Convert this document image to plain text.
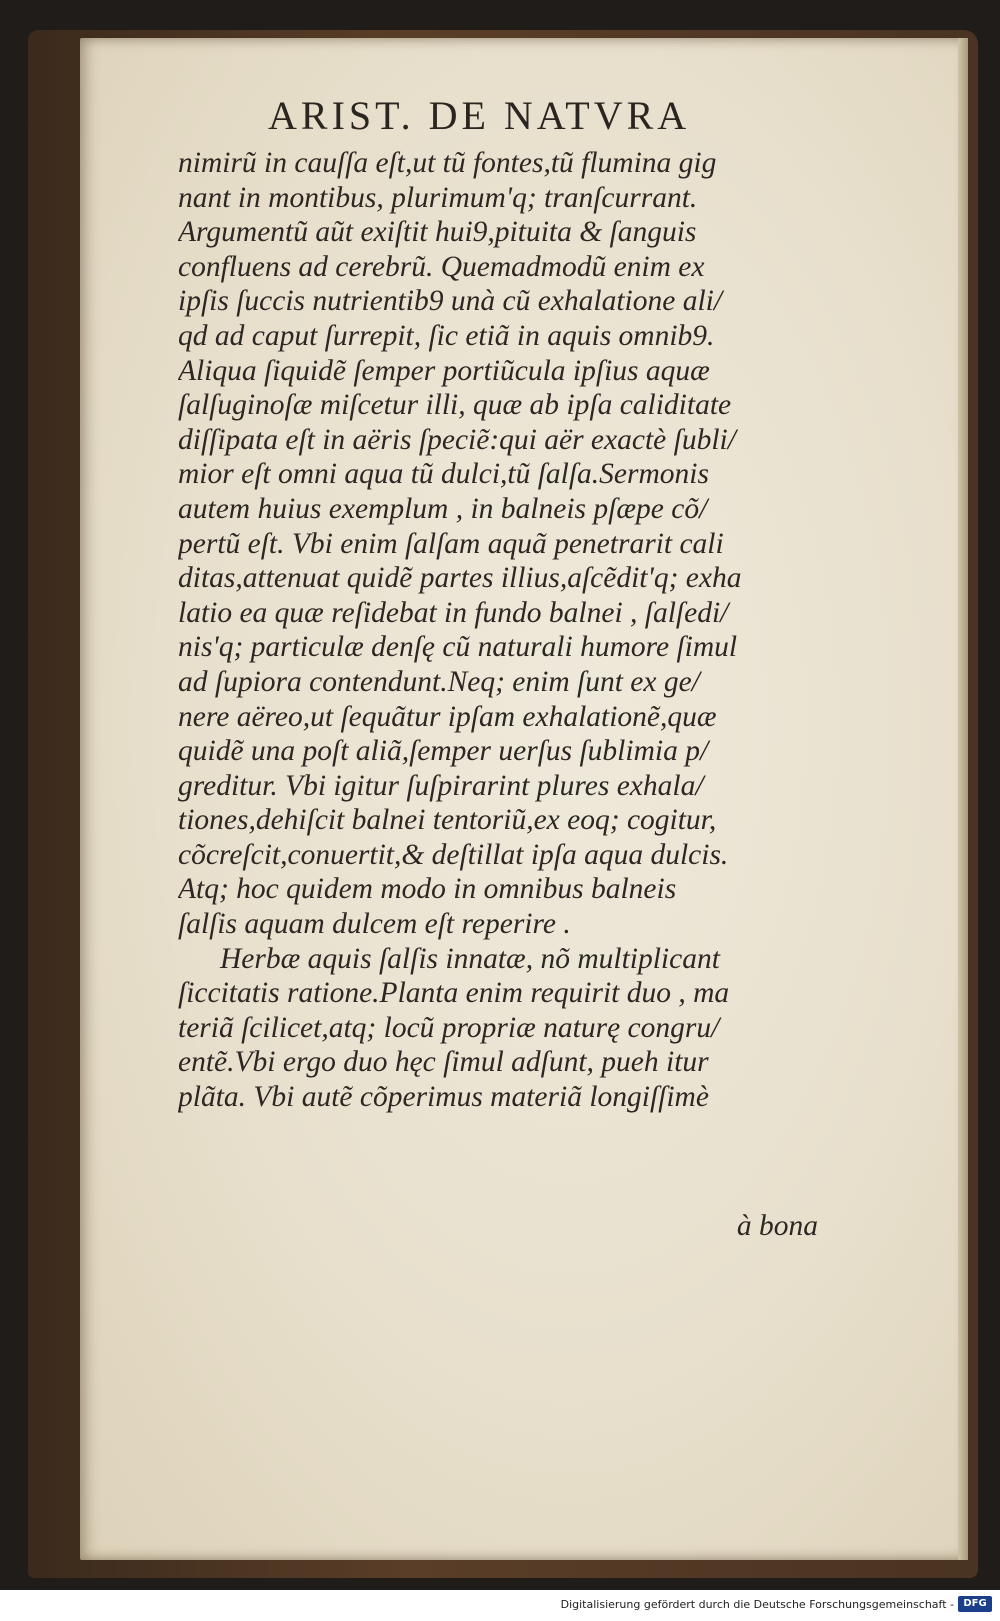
ARIST. DE NATVRA
nimirũ in cauſſa eſt,ut tũ fontes,tũ flumina gig
nant in montibus, plurimum'q; tranſcurrant.
Argumentũ aũt exiſtit hui9,pituita & ſanguis
confluens ad cerebrũ. Quemadmodũ enim ex
ipſis ſuccis nutrientib9 unà cũ exhalatione ali/
qd ad caput ſurrepit, ſic etiã in aquis omnib9.
Aliqua ſiquidẽ ſemper portiũcula ipſius aquæ
ſalſuginoſæ miſcetur illi, quæ ab ipſa caliditate
diſſipata eſt in aëris ſpeciẽ:qui aër exactè ſubli/
mior eſt omni aqua tũ dulci,tũ ſalſa.Sermonis
autem huius exemplum , in balneis pſæpe cõ/
pertũ eſt. Vbi enim ſalſam aquã penetrarit cali
ditas,attenuat quidẽ partes illius,aſcẽdit'q; exha
latio ea quæ reſidebat in fundo balnei , ſalſedi/
nis'q; particulæ denſę cũ naturali humore ſimul
ad ſupiora contendunt.Neq; enim ſunt ex ge/
nere aëreo,ut ſequãtur ipſam exhalationẽ,quæ
quidẽ una poſt aliã,ſemper uerſus ſublimia p/
greditur. Vbi igitur ſuſpirarint plures exhala/
tiones,dehiſcit balnei tentoriũ,ex eoq; cogitur,
cõcreſcit,conuertit,& deſtillat ipſa aqua dulcis.
Atq; hoc quidem modo in omnibus balneis
ſalſis aquam dulcem eſt reperire .
Herbæ aquis ſalſis innatæ, nõ multiplicant
ſiccitatis ratione.Planta enim requirit duo , ma
teriã ſcilicet,atq; locũ propriæ naturę congru/
entẽ.Vbi ergo duo hęc ſimul adſunt, pueh itur
plãta. Vbi autẽ cõperimus materiã longiſſimè
à bona
Digitalisierung gefördert durch die Deutsche Forschungsgemeinschaft - DFG
